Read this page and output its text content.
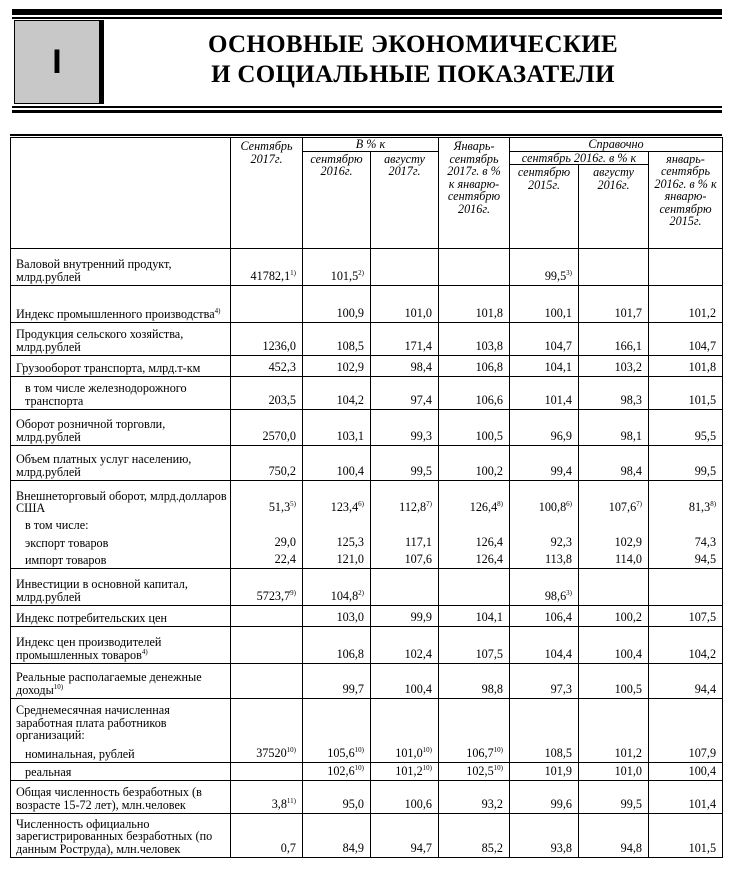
I	ОСНОВНЫЕ ЭКОНОМИЧЕСКИЕ
И СОЦИАЛЬНЫЕ ПОКАЗАТЕЛИ
	Сентябрь 2017г.	В % к		Январь-сентябрь 2017г. в % к январю-сентябрю 2016г.	Справочно		
		сентябрю 2016г.	августу 2017г.		сентябрь 2016г. в % к		январь-сентябрь 2016г. в % к январю-сентябрю 2015г.
					сентябрю 2015г.	августу 2016г.	
Валовой внутренний продукт, млрд.рублей	41782,1$^{1)}$	101,5$^{2)}$			99,5$^{3)}$		
Индекс промышленного производства$^{4)}$		100,9	101,0	101,8	100,1	101,7	101,2
Продукция сельского хозяйства, млрд.рублей	1236,0	108,5	171,4	103,8	104,7	166,1	104,7
Грузооборот транспорта, млрд.т-км	452,3	102,9	98,4	106,8	104,1	103,2	101,8
в том числе железнодорожного транспорта	203,5	104,2	97,4	106,6	101,4	98,3	101,5
Оборот розничной торговли, млрд.рублей	2570,0	103,1	99,3	100,5	96,9	98,1	95,5
Объем платных услуг населению, млрд.рублей	750,2	100,4	99,5	100,2	99,4	98,4	99,5
Внешнеторговый оборот, млрд.долларов США	51,3$^{5)}$	123,4$^{6)}$	112,8$^{7)}$	126,4$^{8)}$	100,8$^{6)}$	107,6$^{7)}$	81,3$^{8)}$
в том числе:							
экспорт товаров	29,0	125,3	117,1	126,4	92,3	102,9	74,3
импорт товаров	22,4	121,0	107,6	126,4	113,8	114,0	94,5
Инвестиции в основной капитал, млрд.рублей	5723,7$^{9)}$	104,8$^{2)}$			98,6$^{3)}$		
Индекс потребительских цен		103,0	99,9	104,1	106,4	100,2	107,5
Индекс цен производителей промышленных товаров$^{4)}$		106,8	102,4	107,5	104,4	100,4	104,2
Реальные располагаемые денежные доходы$^{10)}$		99,7	100,4	98,8	97,3	100,5	94,4
Среднемесячная начисленная заработная плата работников организаций:							
номинальная, рублей	37520$^{10)}$	105,6$^{10)}$	101,0$^{10)}$	106,7$^{10)}$	108,5	101,2	107,9
реальная		102,6$^{10)}$	101,2$^{10)}$	102,5$^{10)}$	101,9	101,0	100,4
Общая численность безработных (в возрасте 15-72 лет), млн.человек	3,8$^{11)}$	95,0	100,6	93,2	99,6	99,5	101,4
Численность официально зарегистрированных безработных (по данным Роструда), млн.человек	0,7	84,9	94,7	85,2	93,8	94,8	101,5
